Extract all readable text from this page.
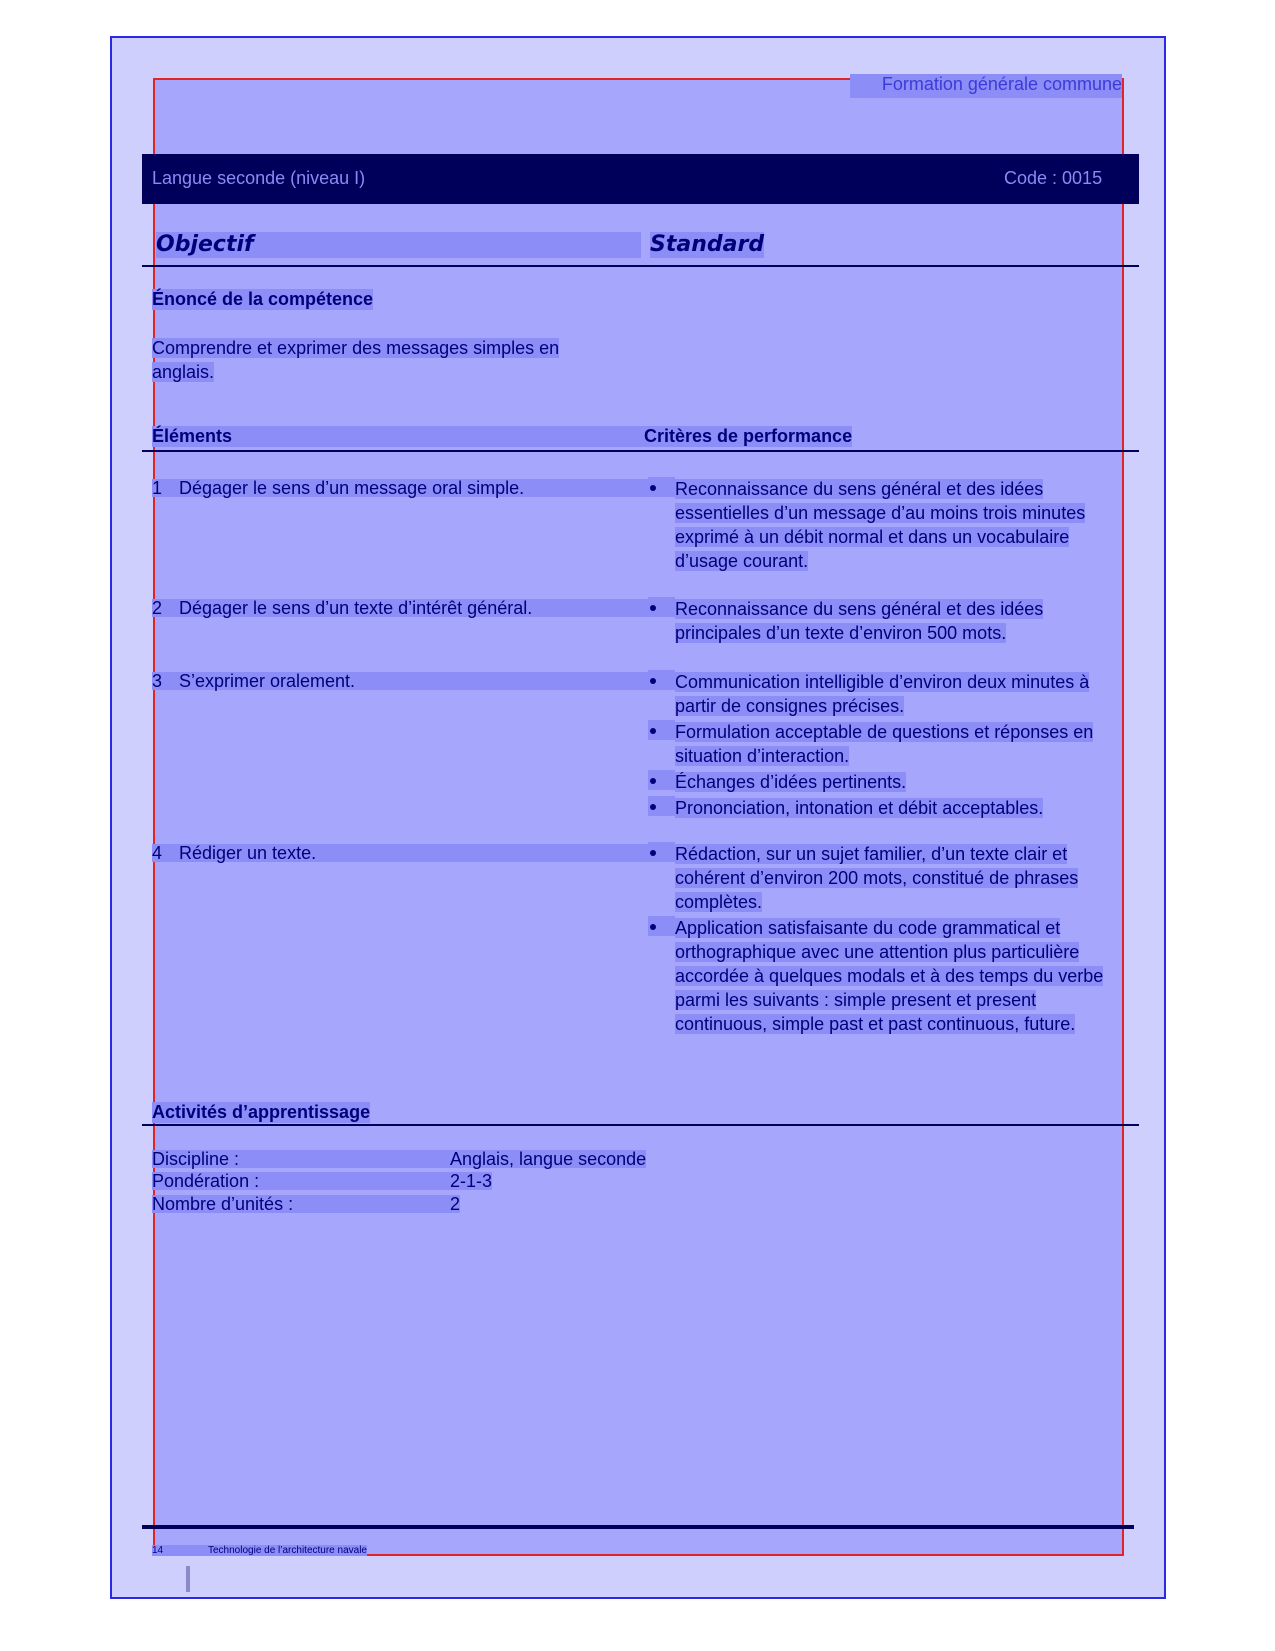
Formation générale commune
Langue seconde (niveau I)	Code : 0015
Objectif	Standard
Énoncé de la compétence
Comprendre et exprimer des messages simples en anglais.
Éléments	Critères de performance
1 Dégager le sens d’un message oral simple.	Reconnaissance du sens général et des idées essentielles d’un message d’au moins trois minutes exprimé à un débit normal et dans un vocabulaire d’usage courant.
2 Dégager le sens d’un texte d’intérêt général.	Reconnaissance du sens général et des idées principales d’un texte d’environ 500 mots.
3 S’exprimer oralement.	Communication intelligible d’environ deux minutes à partir de consignes précises.
Formulation acceptable de questions et réponses en situation d’interaction.
Échanges d’idées pertinents.
Prononciation, intonation et débit acceptables.
4 Rédiger un texte.	Rédaction, sur un sujet familier, d’un texte clair et cohérent d’environ 200 mots, constitué de phrases complètes.
Application satisfaisante du code grammatical et orthographique avec une attention plus particulière accordée à quelques modals et à des temps du verbe parmi les suivants : simple present et present continuous, simple past et past continuous, future.
Activités d’apprentissage
Discipline :	Anglais, langue seconde
Pondération :	2-1-3
Nombre d’unités :	2
14	Technologie de l’architecture navale
